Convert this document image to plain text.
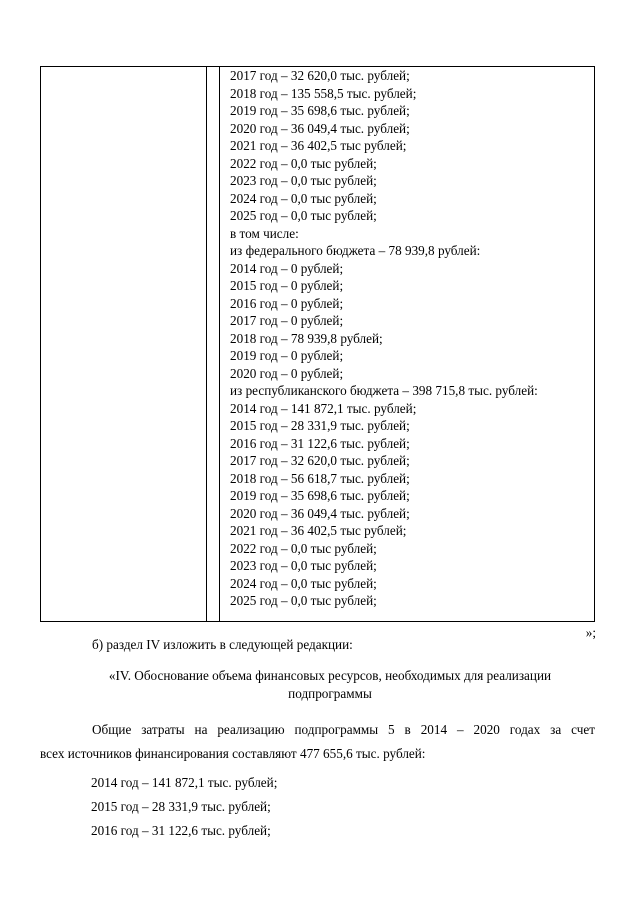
2017 год – 32 620,0 тыс. рублей;
2018 год – 135 558,5 тыс. рублей;
2019 год – 35 698,6 тыс. рублей;
2020 год – 36 049,4 тыс. рублей;
2021 год – 36 402,5 тыс рублей;
2022 год – 0,0 тыс рублей;
2023 год – 0,0 тыс рублей;
2024 год – 0,0 тыс рублей;
2025 год – 0,0 тыс рублей;
в том числе:
из федерального бюджета – 78 939,8 рублей:
2014 год – 0 рублей;
2015 год – 0 рублей;
2016 год – 0 рублей;
2017 год – 0 рублей;
2018 год – 78 939,8 рублей;
2019 год – 0 рублей;
2020 год – 0 рублей;
из республиканского бюджета – 398 715,8 тыс. рублей:
2014 год – 141 872,1 тыс. рублей;
2015 год – 28 331,9 тыс. рублей;
2016 год – 31 122,6 тыс. рублей;
2017 год – 32 620,0 тыс. рублей;
2018 год – 56 618,7 тыс. рублей;
2019 год – 35 698,6 тыс. рублей;
2020 год – 36 049,4 тыс. рублей;
2021 год – 36 402,5 тыс рублей;
2022 год – 0,0 тыс рублей;
2023 год – 0,0 тыс рублей;
2024 год – 0,0 тыс рублей;
2025 год – 0,0 тыс рублей;
»;
б) раздел IV изложить в следующей редакции:
«IV. Обоснование объема финансовых ресурсов, необходимых для реализации
подпрограммы
Общие затраты на реализацию подпрограммы 5 в 2014 – 2020 годах за счет
всех источников финансирования составляют 477 655,6 тыс. рублей:
2014 год – 141 872,1 тыс. рублей;
2015 год – 28 331,9 тыс. рублей;
2016 год – 31 122,6 тыс. рублей;
